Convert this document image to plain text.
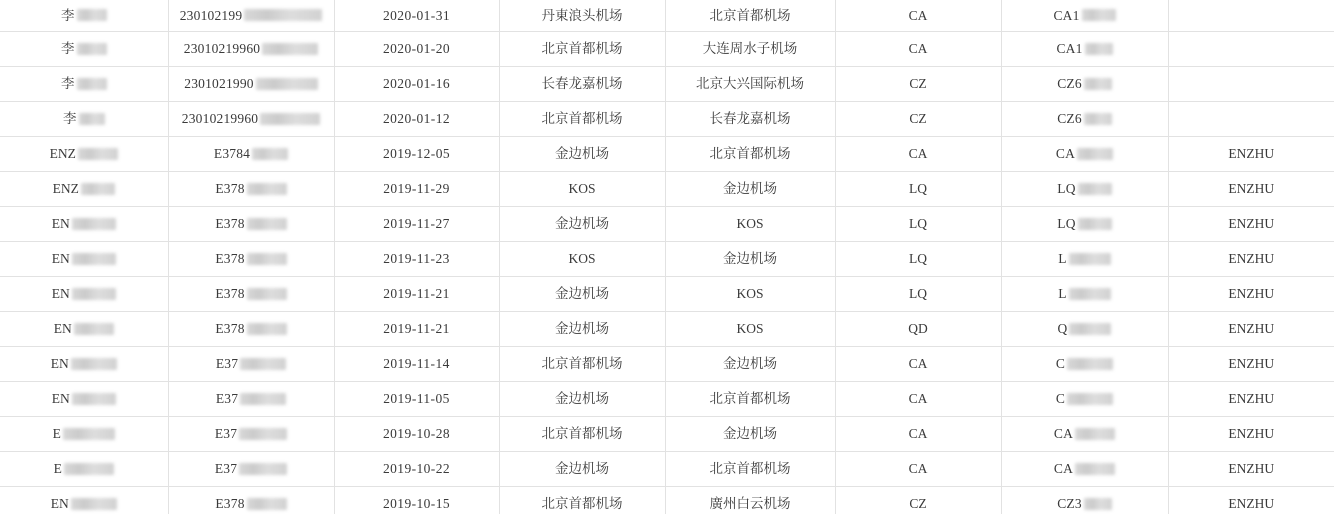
李	230102199	2020-01-31	丹東浪头机场	北京首都机场	CA	CA1	

李	23010219960	2020-01-20	北京首都机场	大连周水子机场	CA	CA1	

李	2301021990	2020-01-16	长春龙嘉机场	北京大兴国际机场	CZ	CZ6	

李	23010219960	2020-01-12	北京首都机场	长春龙嘉机场	CZ	CZ6	

ENZ	E3784	2019-12-05	金边机场	北京首都机场	CA	CA	ENZHU

ENZ	E378	2019-11-29	KOS	金边机场	LQ	LQ	ENZHU

EN	E378	2019-11-27	金边机场	KOS	LQ	LQ	ENZHU

EN	E378	2019-11-23	KOS	金边机场	LQ	L	ENZHU

EN	E378	2019-11-21	金边机场	KOS	LQ	L	ENZHU

EN	E378	2019-11-21	金边机场	KOS	QD	Q	ENZHU

EN	E37	2019-11-14	北京首都机场	金边机场	CA	C	ENZHU

EN	E37	2019-11-05	金边机场	北京首都机场	CA	C	ENZHU

E	E37	2019-10-28	北京首都机场	金边机场	CA	CA	ENZHU

E	E37	2019-10-22	金边机场	北京首都机场	CA	CA	ENZHU

EN	E378	2019-10-15	北京首都机场	廣州白云机场	CZ	CZ3	ENZHU
